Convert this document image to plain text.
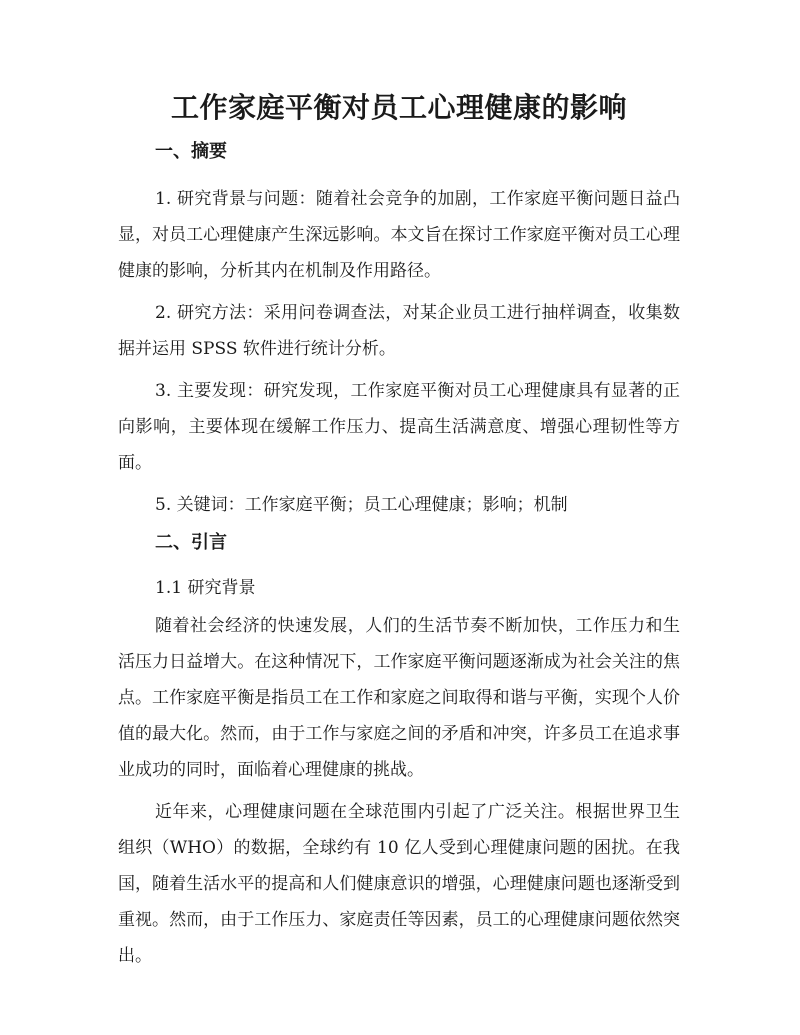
工作家庭平衡对员工心理健康的影响
一、摘要

1. 研究背景与问题：随着社会竞争的加剧，工作家庭平衡问题日益凸显，对员工心理健康产生深远影响。本文旨在探讨工作家庭平衡对员工心理健康的影响，分析其内在机制及作用路径。

2. 研究方法：采用问卷调查法，对某企业员工进行抽样调查，收集数据并运用 SPSS 软件进行统计分析。

3. 主要发现：研究发现，工作家庭平衡对员工心理健康具有显著的正向影响，主要体现在缓解工作压力、提高生活满意度、增强心理韧性等方面。

5. 关键词：工作家庭平衡；员工心理健康；影响；机制

二、引言
1.1 研究背景

随着社会经济的快速发展，人们的生活节奏不断加快，工作压力和生活压力日益增大。在这种情况下，工作家庭平衡问题逐渐成为社会关注的焦点。工作家庭平衡是指员工在工作和家庭之间取得和谐与平衡，实现个人价值的最大化。然而，由于工作与家庭之间的矛盾和冲突，许多员工在追求事业成功的同时，面临着心理健康的挑战。

近年来，心理健康问题在全球范围内引起了广泛关注。根据世界卫生组织（WHO）的数据，全球约有 10 亿人受到心理健康问题的困扰。在我国，随着生活水平的提高和人们健康意识的增强，心理健康问题也逐渐受到重视。然而，由于工作压力、家庭责任等因素，员工的心理健康问题依然突出。
